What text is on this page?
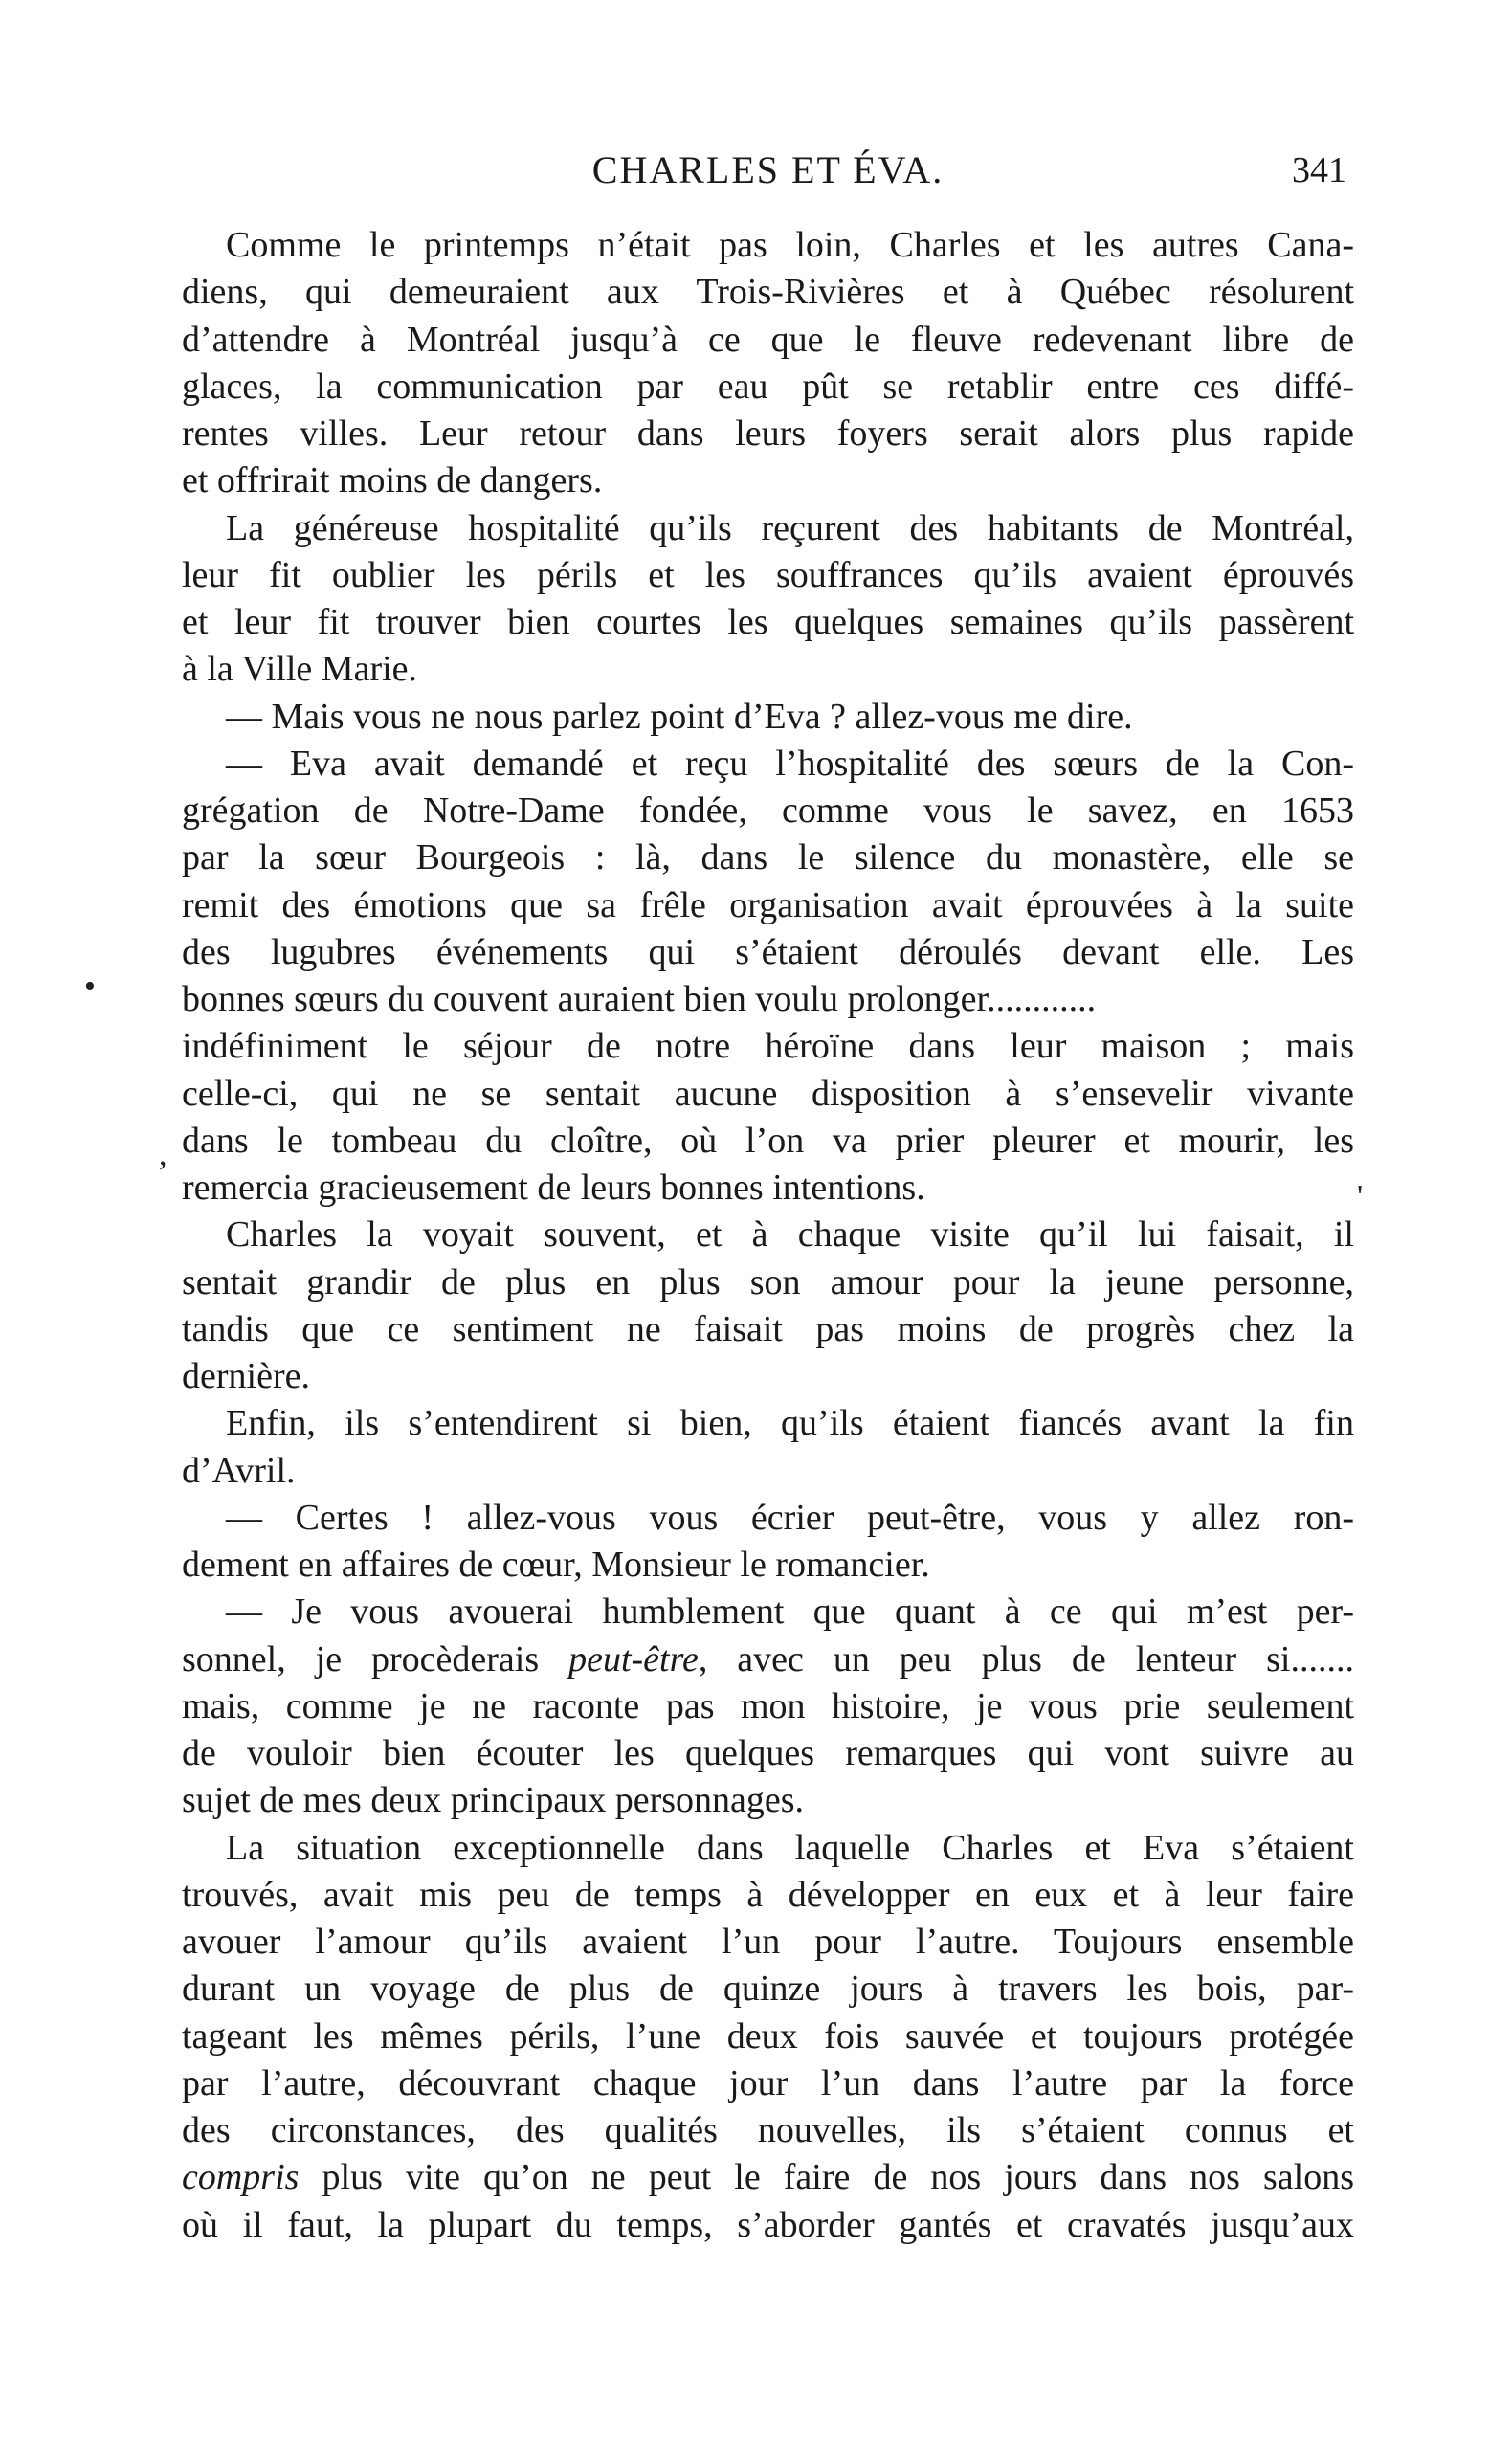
CHARLES ET ÉVA.	341
Comme le printemps n’était pas loin, Charles et les autres Cana-
diens, qui demeuraient aux Trois-Rivières et à Québec résolurent
d’attendre à Montréal jusqu’à ce que le fleuve redevenant libre de
glaces, la communication par eau pût se retablir entre ces diffé-
rentes villes. Leur retour dans leurs foyers serait alors plus rapide
et offrirait moins de dangers.
La généreuse hospitalité qu’ils reçurent des habitants de Montréal,
leur fit oublier les périls et les souffrances qu’ils avaient éprouvés
et leur fit trouver bien courtes les quelques semaines qu’ils passèrent
à la Ville Marie.
— Mais vous ne nous parlez point d’Eva ? allez-vous me dire.
— Eva avait demandé et reçu l’hospitalité des sœurs de la Con-
grégation de Notre-Dame fondée, comme vous le savez, en 1653
par la sœur Bourgeois : là, dans le silence du monastère, elle se
remit des émotions que sa frêle organisation avait éprouvées à la suite
des lugubres événements qui s’étaient déroulés devant elle. Les
bonnes sœurs du couvent auraient bien voulu prolonger............
indéfiniment le séjour de notre héroïne dans leur maison ; mais
celle-ci, qui ne se sentait aucune disposition à s’ensevelir vivante
dans le tombeau du cloître, où l’on va prier pleurer et mourir, les
remercia gracieusement de leurs bonnes intentions.
Charles la voyait souvent, et à chaque visite qu’il lui faisait, il
sentait grandir de plus en plus son amour pour la jeune personne,
tandis que ce sentiment ne faisait pas moins de progrès chez la
dernière.
Enfin, ils s’entendirent si bien, qu’ils étaient fiancés avant la fin
d’Avril.
— Certes ! allez-vous vous écrier peut-être, vous y allez ron-
dement en affaires de cœur, Monsieur le romancier.
— Je vous avouerai humblement que quant à ce qui m’est per-
sonnel, je procèderais peut-être, avec un peu plus de lenteur si.......
mais, comme je ne raconte pas mon histoire, je vous prie seulement
de vouloir bien écouter les quelques remarques qui vont suivre au
sujet de mes deux principaux personnages.
La situation exceptionnelle dans laquelle Charles et Eva s’étaient
trouvés, avait mis peu de temps à développer en eux et à leur faire
avouer l’amour qu’ils avaient l’un pour l’autre. Toujours ensemble
durant un voyage de plus de quinze jours à travers les bois, par-
tageant les mêmes périls, l’une deux fois sauvée et toujours protégée
par l’autre, découvrant chaque jour l’un dans l’autre par la force
des circonstances, des qualités nouvelles, ils s’étaient connus et
compris plus vite qu’on ne peut le faire de nos jours dans nos salons
où il faut, la plupart du temps, s’aborder gantés et cravatés jusqu’aux
•
,
'
